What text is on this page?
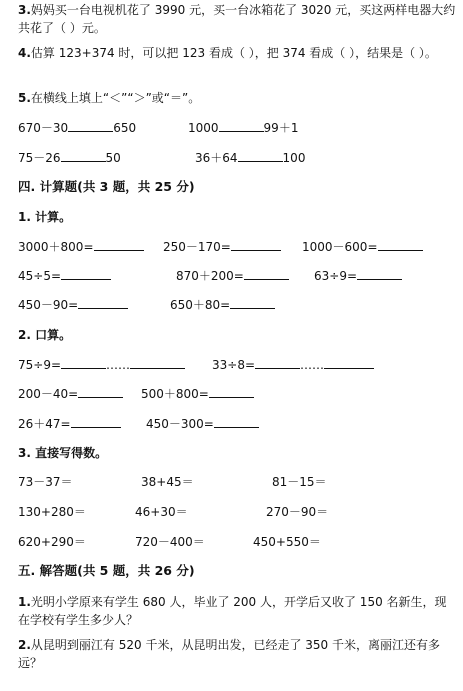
3.妈妈买一台电视机花了 3990 元，买一台冰箱花了 3020 元，买这两样电器大约共花了（ ）元。
4.估算 123+374 时，可以把 123 看成（ ），把 374 看成（ ），结果是（ ）。
5.在横线上填上“＜”“＞”或“＝”。
670－30	650	1000	99＋1
75－26	50	36＋64	100
四. 计算题(共 3 题，共 25 分)
1. 计算。
3000＋800=	250－170=	1000－600=
45÷5=	870＋200=	63÷9=
450－90=	650＋80=
2. 口算。
75÷9=	……	33÷8=	……
200－40=	500＋800=
26＋47=	450－300=
3. 直接写得数。
73－37＝	38+45＝	81－15＝
130+280＝	46+30＝	270－90＝
620+290＝	720－400＝	450+550＝
五. 解答题(共 5 题，共 26 分)
1.光明小学原来有学生 680 人，毕业了 200 人，开学后又收了 150 名新生，现在学校有学生多少人？
2.从昆明到丽江有 520 千米，从昆明出发，已经走了 350 千米，离丽江还有多远？
